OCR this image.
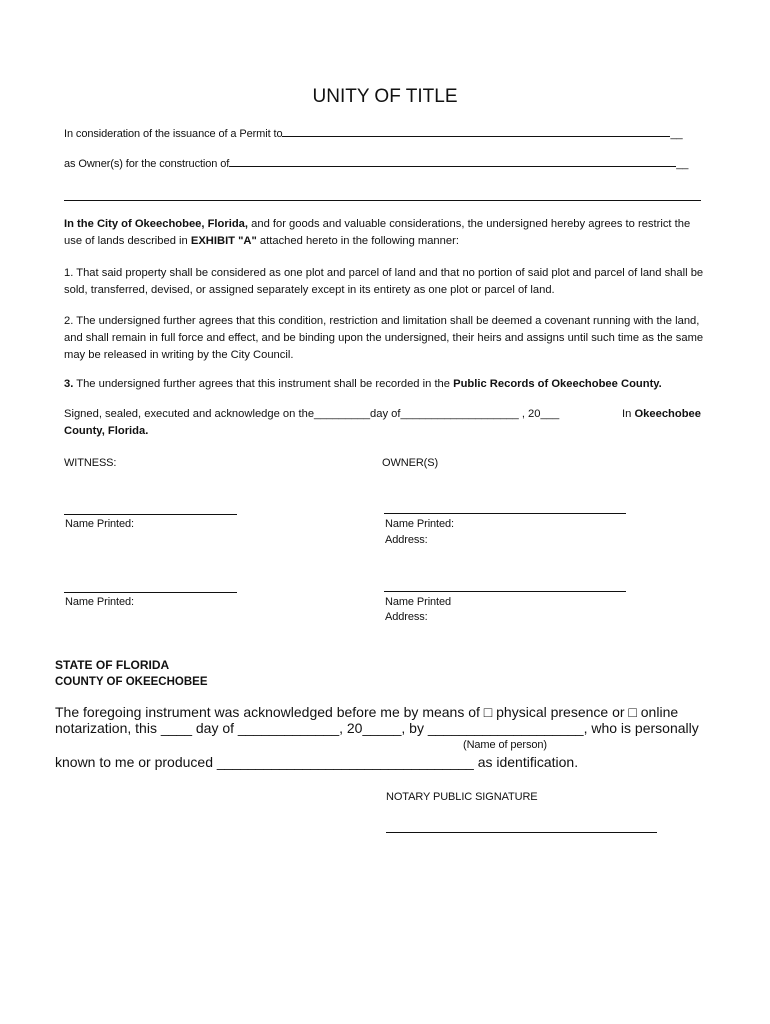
UNITY OF TITLE
In consideration of the issuance of a Permit to	__
as Owner(s) for the construction of	__
In the City of Okeechobee, Florida, and for goods and valuable considerations, the undersigned hereby agrees to restrict the use of lands described in EXHIBIT "A" attached hereto in the following manner:
1. That said property shall be considered as one plot and parcel of land and that no portion of said plot and parcel of land shall be sold, transferred, devised, or assigned separately except in its entirety as one plot or parcel of land.
2. The undersigned further agrees that this condition, restriction and limitation shall be deemed a covenant running with the land, and shall remain in full force and effect, and be binding upon the undersigned, their heirs and assigns until such time as the same may be released in writing by the City Council.
3. The undersigned further agrees that this instrument shall be recorded in the Public Records of Okeechobee County.
Signed, sealed, executed and acknowledge on the_________day of___________________ , 20___	In Okeechobee
County, Florida.
WITNESS:	OWNER(S)
Name Printed:	Name Printed:
Address:
Name Printed:	Name Printed
Address:
STATE OF FLORIDA
COUNTY OF OKEECHOBEE
The foregoing instrument was acknowledged before me by means of □ physical presence or □ online
notarization, this ____ day of _____________, 20_____, by ____________________, who is personally
(Name of person)
known to me or produced _________________________________ as identification.
NOTARY PUBLIC SIGNATURE
